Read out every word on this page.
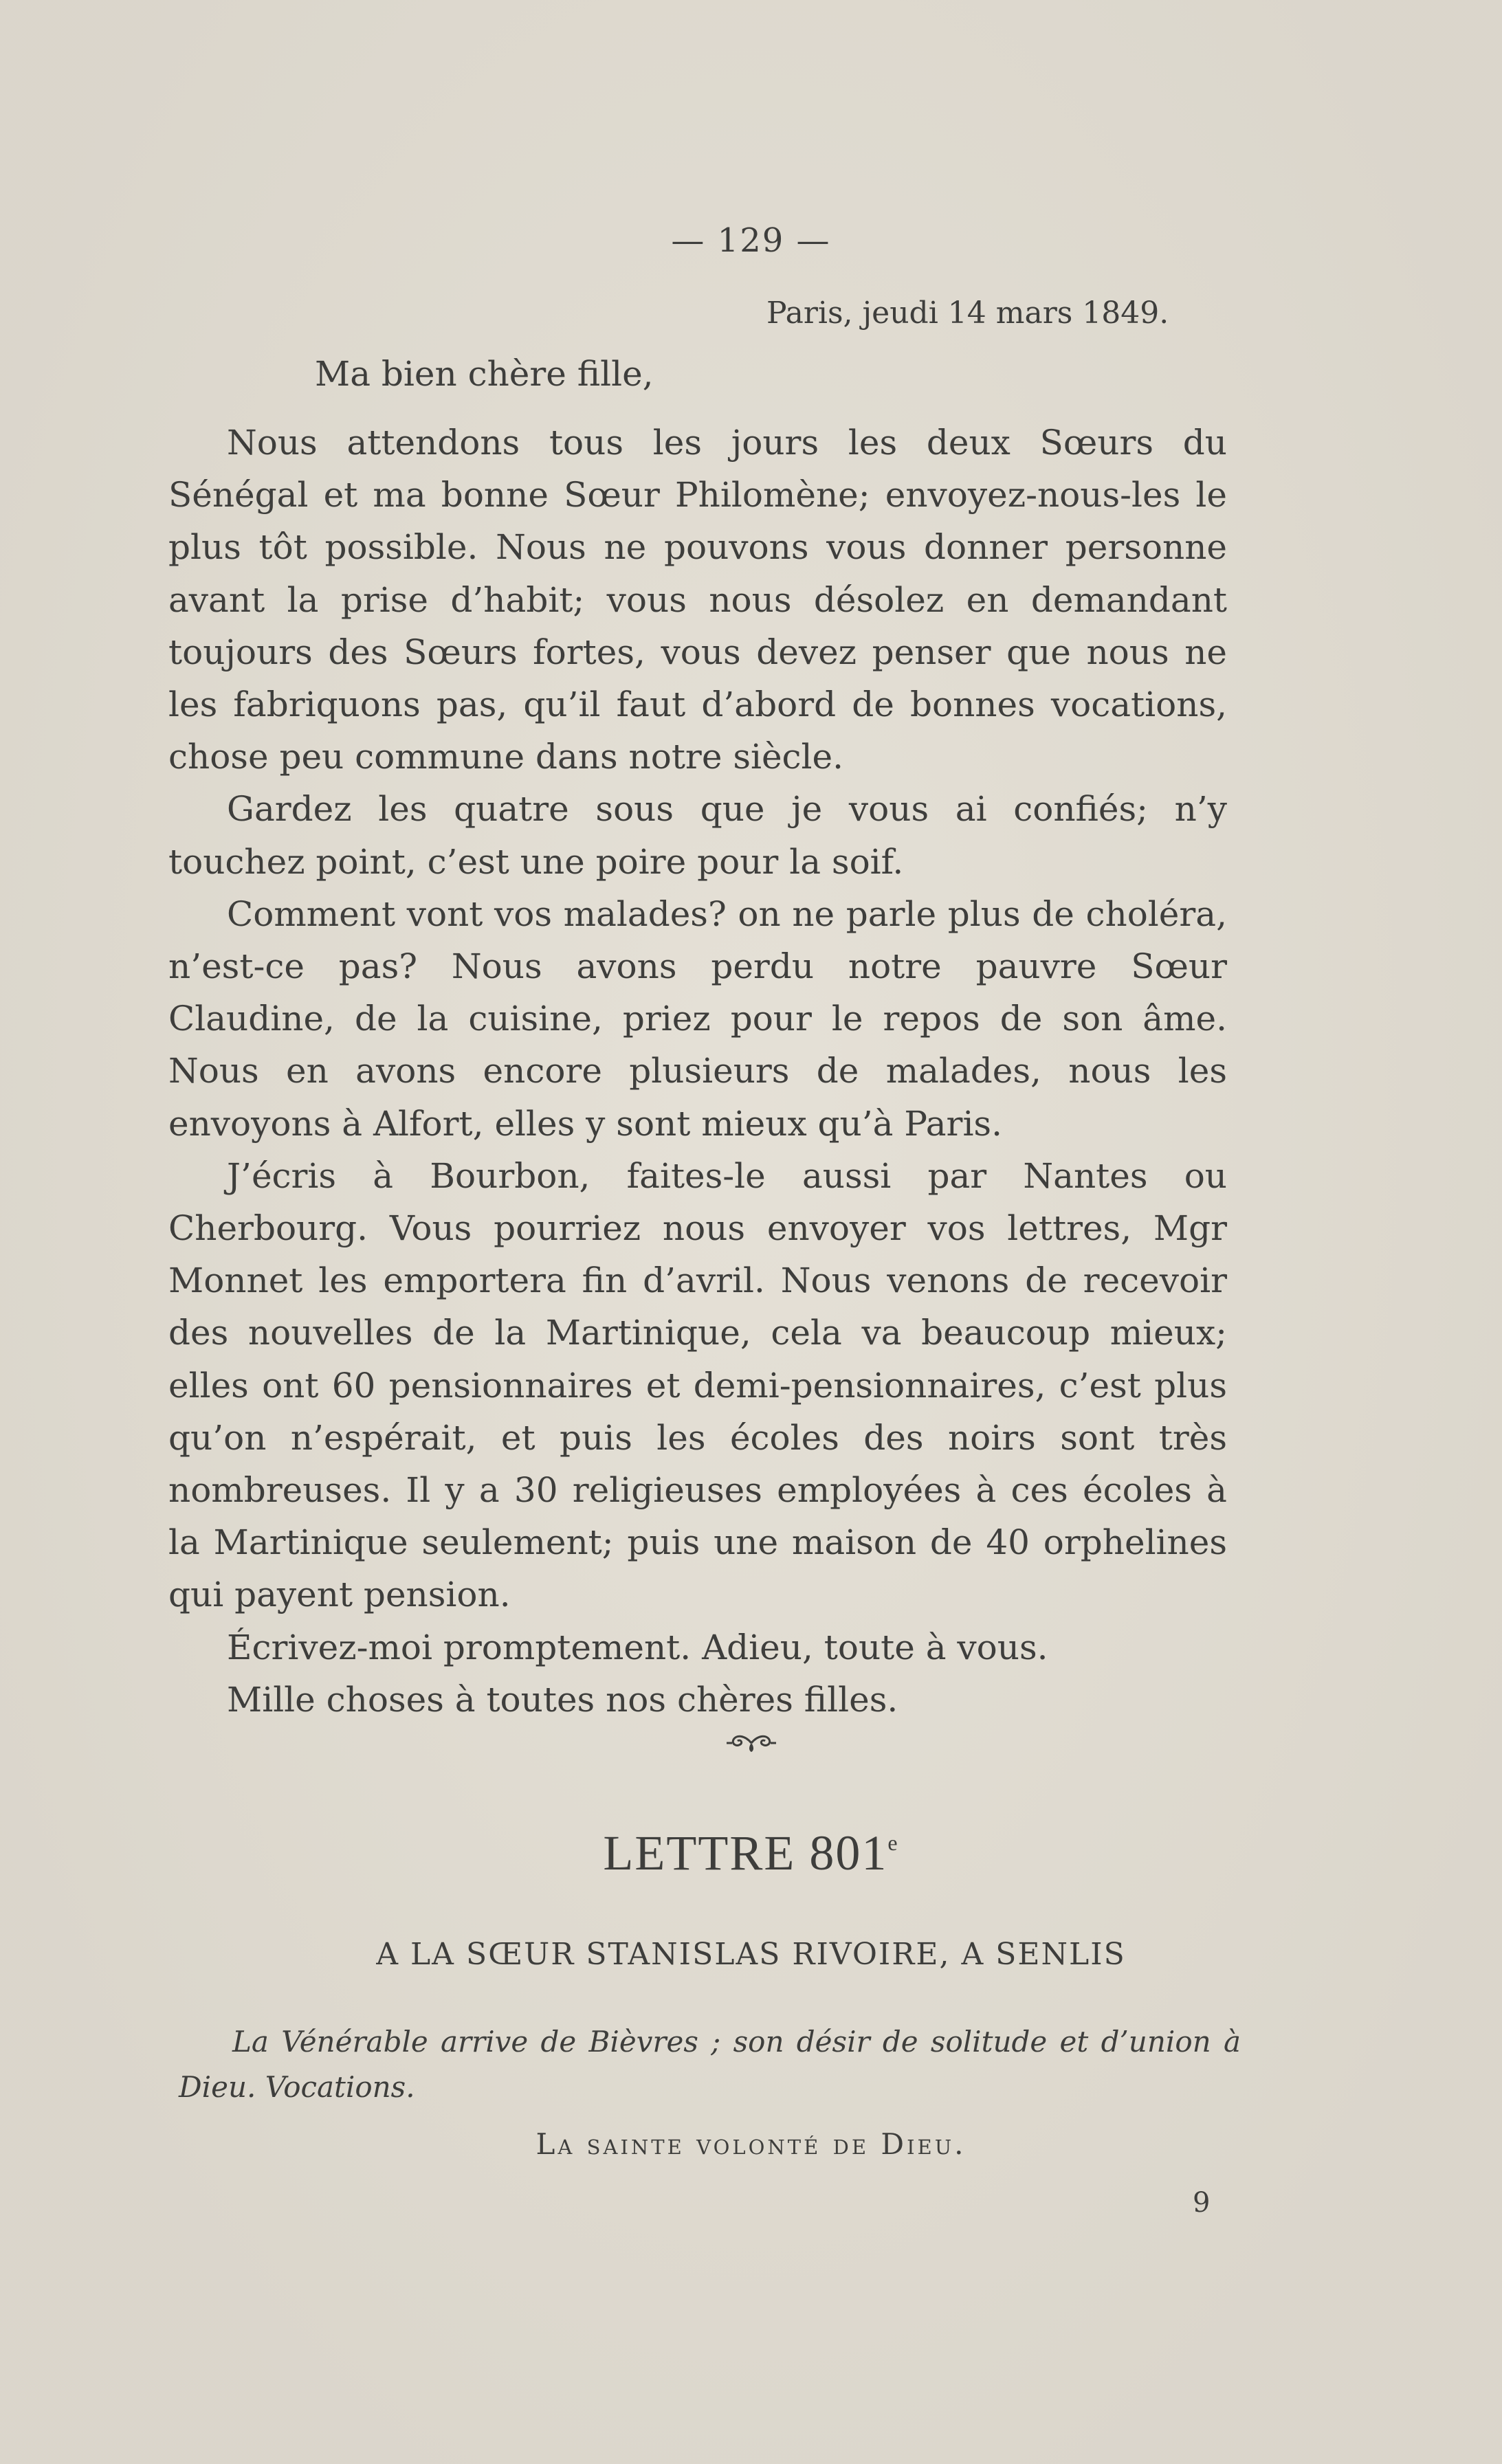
— 129 —
Paris, jeudi 14 mars 1849.
Ma bien chère fille,

Nous attendons tous les jours les deux Sœurs du Sénégal et ma bonne Sœur Philomène; envoyez-nous-les le plus tôt possible. Nous ne pouvons vous donner personne avant la prise d’habit; vous nous désolez en demandant toujours des Sœurs fortes, vous devez penser que nous ne les fabriquons pas, qu’il faut d’abord de bonnes vocations, chose peu commune dans notre siècle.

Gardez les quatre sous que je vous ai confiés; n’y touchez point, c’est une poire pour la soif.

Comment vont vos malades? on ne parle plus de choléra, n’est-ce pas? Nous avons perdu notre pauvre Sœur Claudine, de la cuisine, priez pour le repos de son âme. Nous en avons encore plusieurs de malades, nous les envoyons à Alfort, elles y sont mieux qu’à Paris.

J’écris à Bourbon, faites-le aussi par Nantes ou Cherbourg. Vous pourriez nous envoyer vos lettres, Mgr Monnet les emportera fin d’avril. Nous venons de recevoir des nouvelles de la Martinique, cela va beaucoup mieux; elles ont 60 pensionnaires et demi-pensionnaires, c’est plus qu’on n’espérait, et puis les écoles des noirs sont très nombreuses. Il y a 30 religieuses employées à ces écoles à la Martinique seulement; puis une maison de 40 orphelines qui payent pension.

Écrivez-moi promptement. Adieu, toute à vous.

Mille choses à toutes nos chères filles.

LETTRE 801e
A LA SŒUR STANISLAS RIVOIRE, A SENLIS
La Vénérable arrive de Bièvres ; son désir de solitude et d’union à Dieu. Vocations.
La sainte volonté de Dieu.
9
